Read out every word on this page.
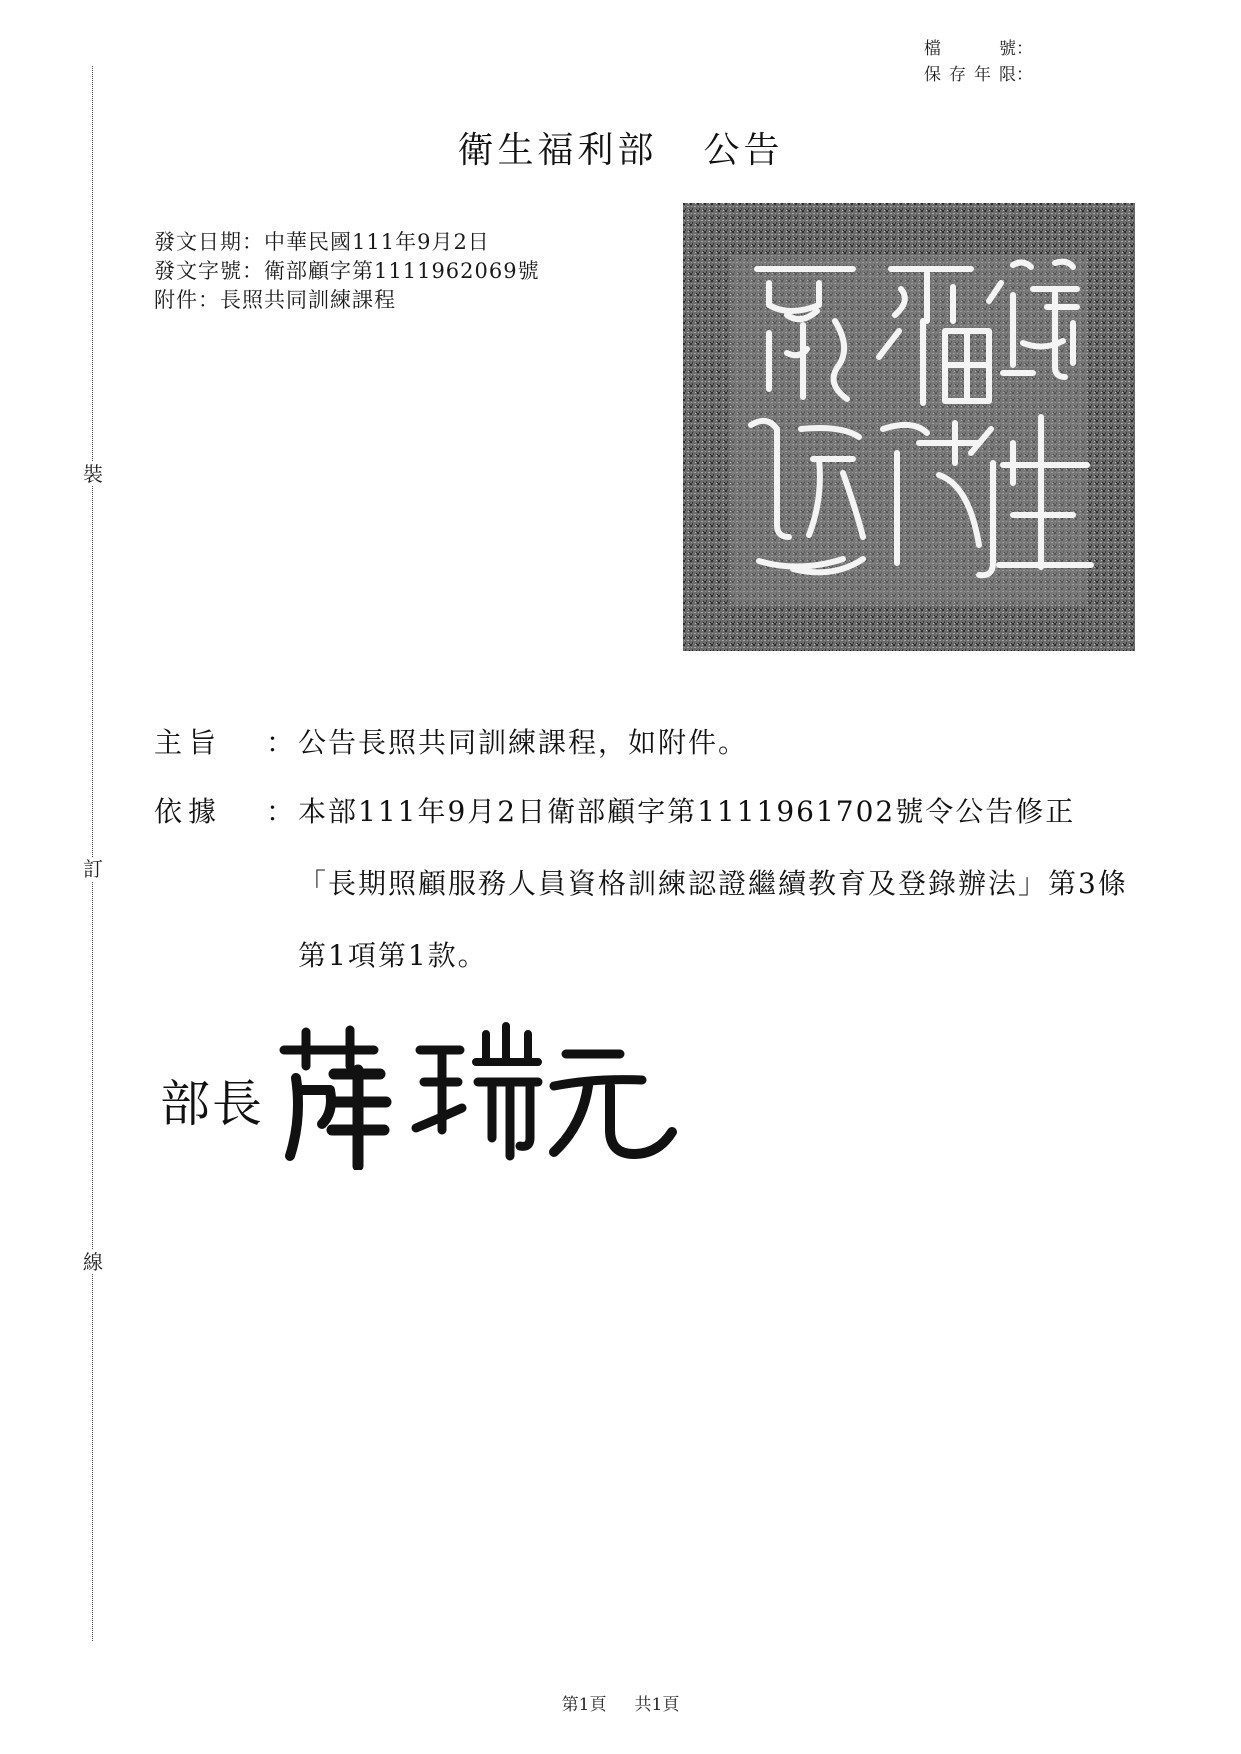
裝
訂
線
檔　　號 ：
保存年限 ：
衛生福利部 公告
發文日期：中華民國111年9月2日
發文字號：衛部顧字第1111962069號
附件：長照共同訓練課程
主旨	： 公告長照共同訓練課程，如附件。
依據	： 本部111年9月2日衛部顧字第1111961702號令公告修正「長期照顧服務人員資格訓練認證繼續教育及登錄辦法」第3條第1項第1款。
部長
第1頁 共1頁
